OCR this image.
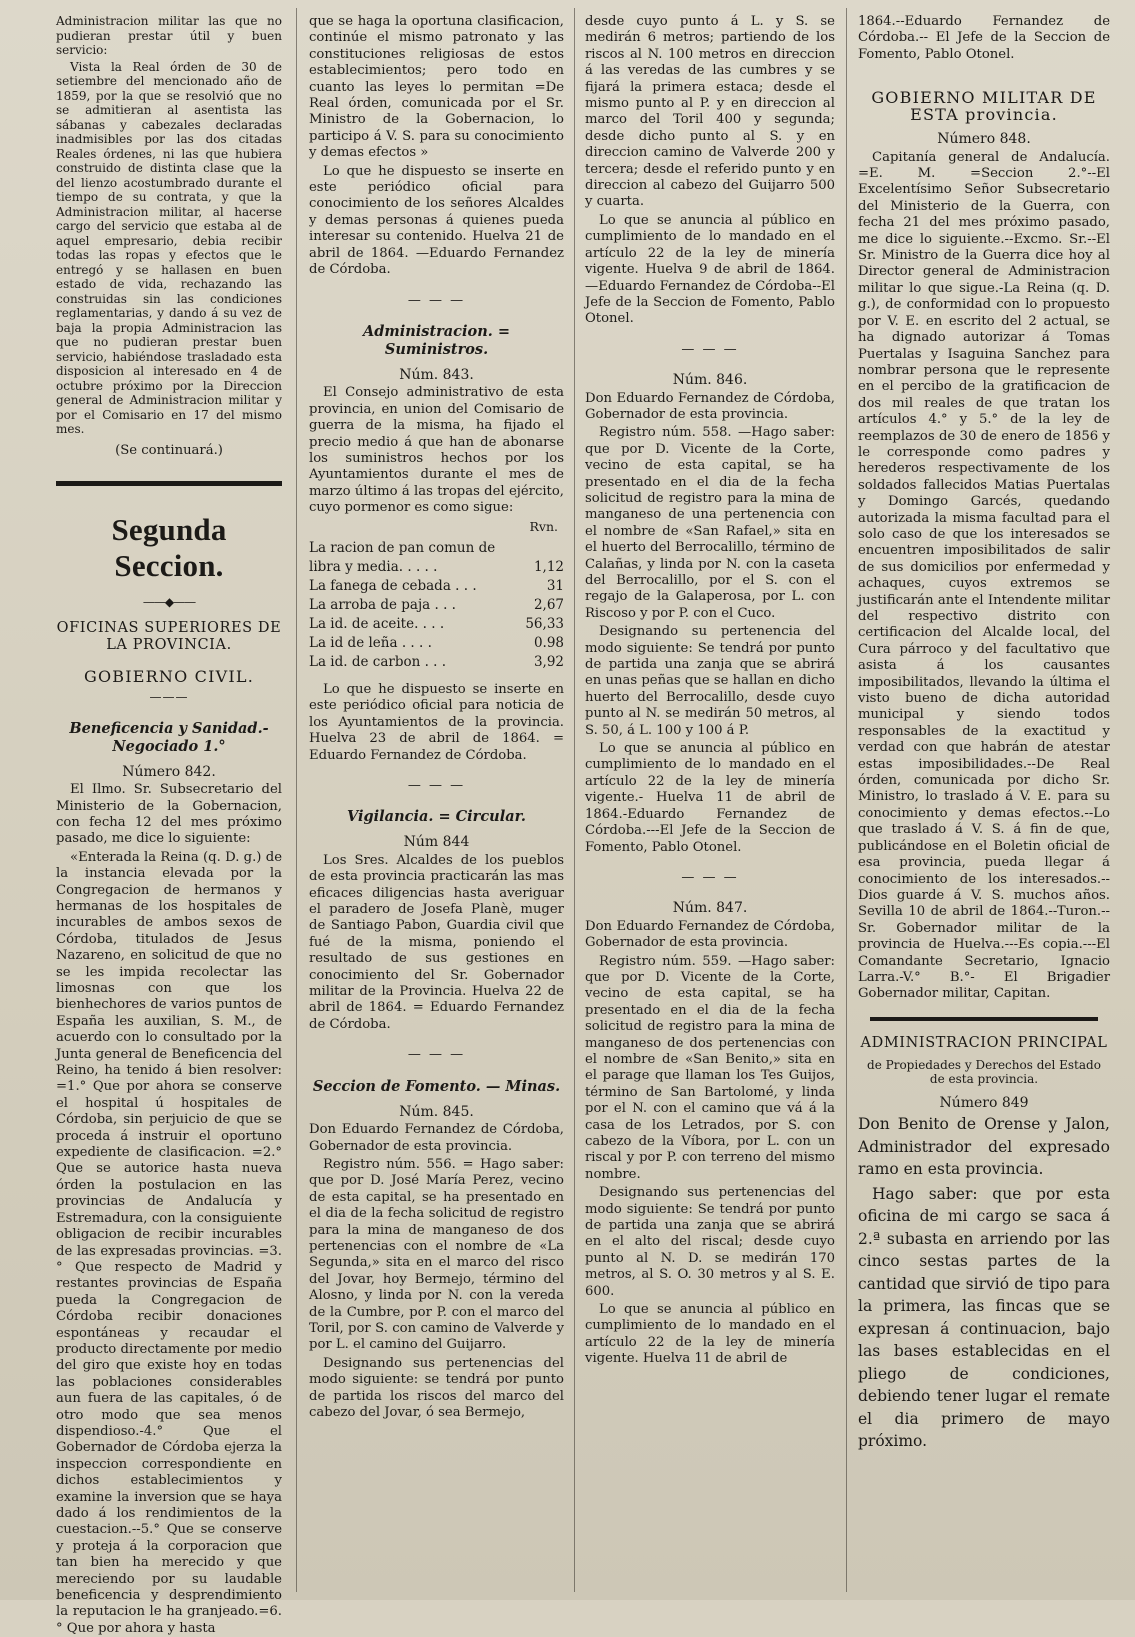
Administracion militar las que no pudieran prestar útil y buen servicio:

Vista la Real órden de 30 de setiembre del mencionado año de 1859, por la que se resolvió que no se admitieran al asentista las sábanas y cabezales declaradas inadmisibles por las dos citadas Reales órdenes, ni las que hubiera construido de distinta clase que la del lienzo acostumbrado durante el tiempo de su contrata, y que la Administracion militar, al hacerse cargo del servicio que estaba al de aquel empresario, debia recibir todas las ropas y efectos que le entregó y se hallasen en buen estado de vida, rechazando las construidas sin las condiciones reglamentarias, y dando á su vez de baja la propia Administracion las que no pudieran prestar buen servicio, habiéndose trasladado esta disposicion al interesado en 4 de octubre próximo por la Direccion general de Administracion militar y por el Comisario en 17 del mismo mes.

(Se continuará.)

Segunda Seccion.
——◆——
OFICINAS SUPERIORES DE LA PROVINCIA.
GOBIERNO CIVIL.
———
Beneficencia y Sanidad.-Negociado 1.°
Número 842.

El Ilmo. Sr. Subsecretario del Ministerio de la Gobernacion, con fecha 12 del mes próximo pasado, me dice lo siguiente:

«Enterada la Reina (q. D. g.) de la instancia elevada por la Congregacion de hermanos y hermanas de los hospitales de incurables de ambos sexos de Córdoba, titulados de Jesus Nazareno, en solicitud de que no se les impida recolectar las limosnas con que los bienhechores de varios puntos de España les auxilian, S. M., de acuerdo con lo consultado por la Junta general de Beneficencia del Reino, ha tenido á bien resolver: =1.° Que por ahora se conserve el hospital ú hospitales de Córdoba, sin perjuicio de que se proceda á instruir el oportuno expediente de clasificacion. =2.° Que se autorice hasta nueva órden la postulacion en las provincias de Andalucía y Estremadura, con la consiguiente obligacion de recibir incurables de las expresadas provincias. =3.° Que respecto de Madrid y restantes provincias de España pueda la Congregacion de Córdoba recibir donaciones espontáneas y recaudar el producto directamente por medio del giro que existe hoy en todas las poblaciones considerables aun fuera de las capitales, ó de otro modo que sea menos dispendioso.-4.° Que el Gobernador de Córdoba ejerza la inspeccion correspondiente en dichos establecimientos y examine la inversion que se haya dado á los rendimientos de la cuestacion.--5.° Que se conserve y proteja á la corporacion que tan bien ha merecido y que mereciendo por su laudable beneficencia y desprendimiento la reputacion le ha granjeado.=6.° Que por ahora y hasta

que se haga la oportuna clasificacion, continúe el mismo patronato y las constituciones religiosas de estos establecimientos; pero todo en cuanto las leyes lo permitan =De Real órden, comunicada por el Sr. Ministro de la Gobernacion, lo participo á V. S. para su conocimiento y demas efectos »

Lo que he dispuesto se inserte en este periódico oficial para conocimiento de los señores Alcaldes y demas personas á quienes pueda interesar su contenido. Huelva 21 de abril de 1864. —Eduardo Fernandez de Córdoba.

— — —
Administracion. = Suministros.
Núm. 843.

El Consejo administrativo de esta provincia, en union del Comisario de guerra de la misma, ha fijado el precio medio á que han de abonarse los suministros hechos por los Ayuntamientos durante el mes de marzo último á las tropas del ejército, cuyo pormenor es como sigue:

Rvn.
La racion de pan comun de
libra y media. . . . .	1,12
La fanega de cebada . . .	31
La arroba de paja . . .	2,67
La id. de aceite. . . .	56,33
La id de leña . . . .	0.98
La id. de carbon . . .	3,92

Lo que he dispuesto se inserte en este periódico oficial para noticia de los Ayuntamientos de la provincia. Huelva 23 de abril de 1864. = Eduardo Fernandez de Córdoba.

— — —
Vigilancia. = Circular.
Núm 844

Los Sres. Alcaldes de los pueblos de esta provincia practicarán las mas eficaces diligencias hasta averiguar el paradero de Josefa Planè, muger de Santiago Pabon, Guardia civil que fué de la misma, poniendo el resultado de sus gestiones en conocimiento del Sr. Gobernador militar de la Provincia. Huelva 22 de abril de 1864. = Eduardo Fernandez de Córdoba.

— — —
Seccion de Fomento. — Minas.
Núm. 845.

Don Eduardo Fernandez de Córdoba, Gobernador de esta provincia.

Registro núm. 556. = Hago saber: que por D. José María Perez, vecino de esta capital, se ha presentado en el dia de la fecha solicitud de registro para la mina de manganeso de dos pertenencias con el nombre de «La Segunda,» sita en el marco del risco del Jovar, hoy Bermejo, término del Alosno, y linda por N. con la vereda de la Cumbre, por P. con el marco del Toril, por S. con camino de Valverde y por L. el camino del Guijarro.

Designando sus pertenencias del modo siguiente: se tendrá por punto de partida los riscos del marco del cabezo del Jovar, ó sea Bermejo,

desde cuyo punto á L. y S. se medirán 6 metros; partiendo de los riscos al N. 100 metros en direccion á las veredas de las cumbres y se fijará la primera estaca; desde el mismo punto al P. y en direccion al marco del Toril 400 y segunda; desde dicho punto al S. y en direccion camino de Valverde 200 y tercera; desde el referido punto y en direccion al cabezo del Guijarro 500 y cuarta.

Lo que se anuncia al público en cumplimiento de lo mandado en el artículo 22 de la ley de minería vigente. Huelva 9 de abril de 1864. —Eduardo Fernandez de Córdoba--El Jefe de la Seccion de Fomento, Pablo Otonel.

— — —
Núm. 846.

Don Eduardo Fernandez de Córdoba, Gobernador de esta provincia.

Registro núm. 558. —Hago saber: que por D. Vicente de la Corte, vecino de esta capital, se ha presentado en el dia de la fecha solicitud de registro para la mina de manganeso de una pertenencia con el nombre de «San Rafael,» sita en el huerto del Berrocalillo, término de Calañas, y linda por N. con la caseta del Berrocalillo, por el S. con el regajo de la Galaperosa, por L. con Riscoso y por P. con el Cuco.

Designando su pertenencia del modo siguiente: Se tendrá por punto de partida una zanja que se abrirá en unas peñas que se hallan en dicho huerto del Berrocalillo, desde cuyo punto al N. se medirán 50 metros, al S. 50, á L. 100 y 100 á P.

Lo que se anuncia al público en cumplimiento de lo mandado en el artículo 22 de la ley de minería vigente.- Huelva 11 de abril de 1864.-Eduardo Fernandez de Córdoba.---El Jefe de la Seccion de Fomento, Pablo Otonel.

— — —
Núm. 847.

Don Eduardo Fernandez de Córdoba, Gobernador de esta provincia.

Registro núm. 559. —Hago saber: que por D. Vicente de la Corte, vecino de esta capital, se ha presentado en el dia de la fecha solicitud de registro para la mina de manganeso de dos pertenencias con el nombre de «San Benito,» sita en el parage que llaman los Tes Guijos, término de San Bartolomé, y linda por el N. con el camino que vá á la casa de los Letrados, por S. con cabezo de la Víbora, por L. con un riscal y por P. con terreno del mismo nombre.

Designando sus pertenencias del modo siguiente: Se tendrá por punto de partida una zanja que se abrirá en el alto del riscal; desde cuyo punto al N. D. se medirán 170 metros, al S. O. 30 metros y al S. E. 600.

Lo que se anuncia al público en cumplimiento de lo mandado en el artículo 22 de la ley de minería vigente. Huelva 11 de abril de

1864.--Eduardo Fernandez de Córdoba.-- El Jefe de la Seccion de Fomento, Pablo Otonel.

GOBIERNO MILITAR DE ESTA provincia.
Número 848.

Capitanía general de Andalucía. =E. M. =Seccion 2.°--El Excelentísimo Señor Subsecretario del Ministerio de la Guerra, con fecha 21 del mes próximo pasado, me dice lo siguiente.--Excmo. Sr.--El Sr. Ministro de la Guerra dice hoy al Director general de Administracion militar lo que sigue.-La Reina (q. D. g.), de conformidad con lo propuesto por V. E. en escrito del 2 actual, se ha dignado autorizar á Tomas Puertalas y Isaguina Sanchez para nombrar persona que le represente en el percibo de la gratificacion de dos mil reales de que tratan los artículos 4.° y 5.° de la ley de reemplazos de 30 de enero de 1856 y le corresponde como padres y herederos respectivamente de los soldados fallecidos Matias Puertalas y Domingo Garcés, quedando autorizada la misma facultad para el solo caso de que los interesados se encuentren imposibilitados de salir de sus domicilios por enfermedad y achaques, cuyos extremos se justificarán ante el Intendente militar del respectivo distrito con certificacion del Alcalde local, del Cura párroco y del facultativo que asista á los causantes imposibilitados, llevando la última el visto bueno de dicha autoridad municipal y siendo todos responsables de la exactitud y verdad con que habrán de atestar estas imposibilidades.--De Real órden, comunicada por dicho Sr. Ministro, lo traslado á V. E. para su conocimiento y demas efectos.--Lo que traslado á V. S. á fin de que, publicándose en el Boletin oficial de esa provincia, pueda llegar á conocimiento de los interesados.--Dios guarde á V. S. muchos años. Sevilla 10 de abril de 1864.--Turon.--Sr. Gobernador militar de la provincia de Huelva.---Es copia.---El Comandante Secretario, Ignacio Larra.-V.° B.°- El Brigadier Gobernador militar, Capitan.

ADMINISTRACION PRINCIPAL
de Propiedades y Derechos del Estado de esta provincia.
Número 849

Don Benito de Orense y Jalon, Administrador del expresado ramo en esta provincia.

Hago saber: que por esta oficina de mi cargo se saca á 2.ª subasta en arriendo por las cinco sestas partes de la cantidad que sirvió de tipo para la primera, las fincas que se expresan á continuacion, bajo las bases establecidas en el pliego de condiciones, debiendo tener lugar el remate el dia primero de mayo próximo.
